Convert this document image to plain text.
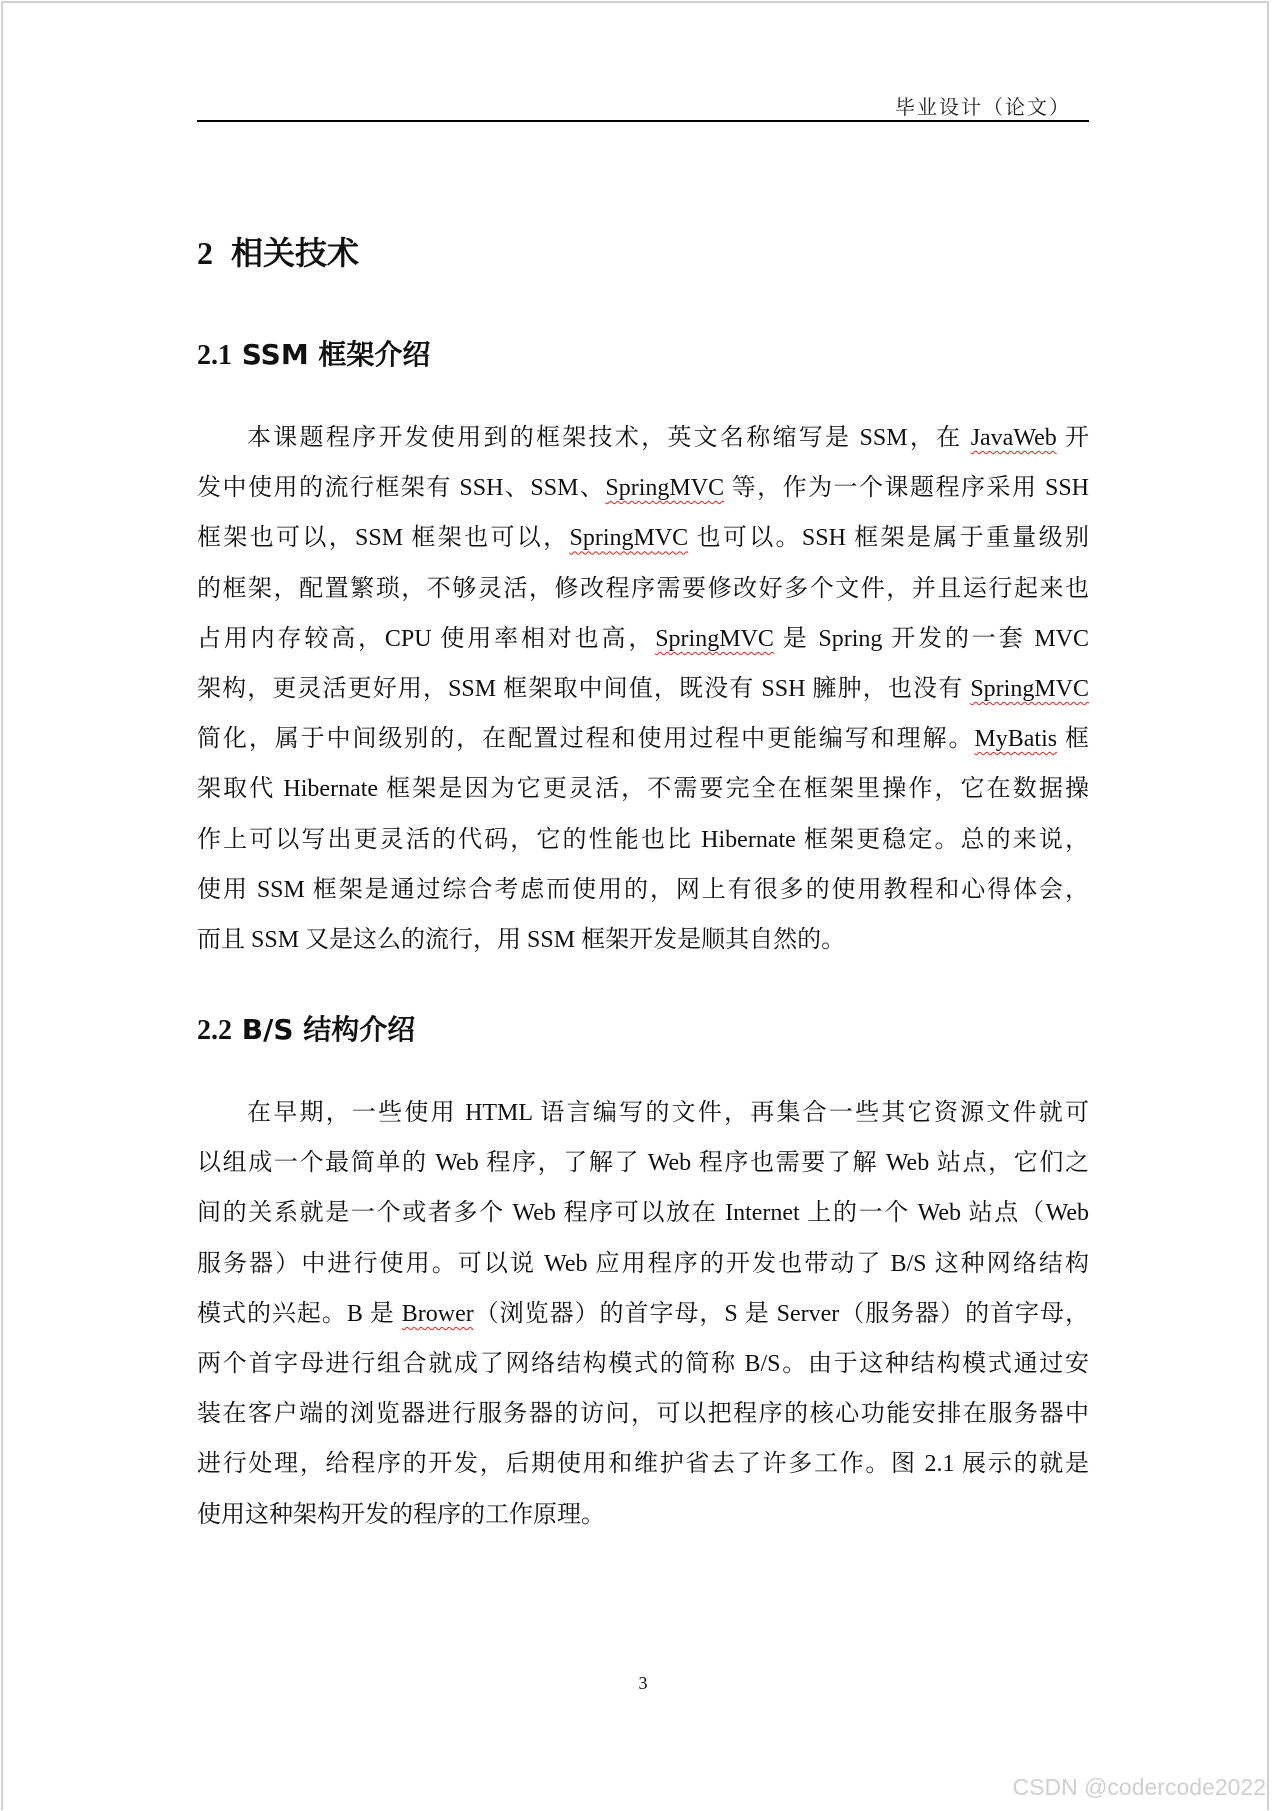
毕业设计（论文）
2 相关技术
2.1 SSM 框架介绍
本课题程序开发使用到的框架技术，英文名称缩写是 SSM，在 JavaWeb 开
发中使用的流行框架有 SSH、SSM、SpringMVC 等，作为一个课题程序采用 SSH
框架也可以，SSM 框架也可以，SpringMVC 也可以。SSH 框架是属于重量级别
的框架，配置繁琐，不够灵活，修改程序需要修改好多个文件，并且运行起来也
占用内存较高，CPU 使用率相对也高，SpringMVC 是 Spring 开发的一套 MVC
架构，更灵活更好用，SSM 框架取中间值，既没有 SSH 臃肿，也没有 SpringMVC
简化，属于中间级别的，在配置过程和使用过程中更能编写和理解。MyBatis 框
架取代 Hibernate 框架是因为它更灵活，不需要完全在框架里操作，它在数据操
作上可以写出更灵活的代码，它的性能也比 Hibernate 框架更稳定。总的来说，
使用 SSM 框架是通过综合考虑而使用的，网上有很多的使用教程和心得体会，
而且 SSM 又是这么的流行，用 SSM 框架开发是顺其自然的。
2.2 B/S 结构介绍
在早期，一些使用 HTML 语言编写的文件，再集合一些其它资源文件就可
以组成一个最简单的 Web 程序，了解了 Web 程序也需要了解 Web 站点，它们之
间的关系就是一个或者多个 Web 程序可以放在 Internet 上的一个 Web 站点（Web
服务器）中进行使用。可以说 Web 应用程序的开发也带动了 B/S 这种网络结构
模式的兴起。B 是 Brower（浏览器）的首字母，S 是 Server（服务器）的首字母，
两个首字母进行组合就成了网络结构模式的简称 B/S。由于这种结构模式通过安
装在客户端的浏览器进行服务器的访问，可以把程序的核心功能安排在服务器中
进行处理，给程序的开发，后期使用和维护省去了许多工作。图 2.1 展示的就是
使用这种架构开发的程序的工作原理。
3
CSDN @codercode2022
